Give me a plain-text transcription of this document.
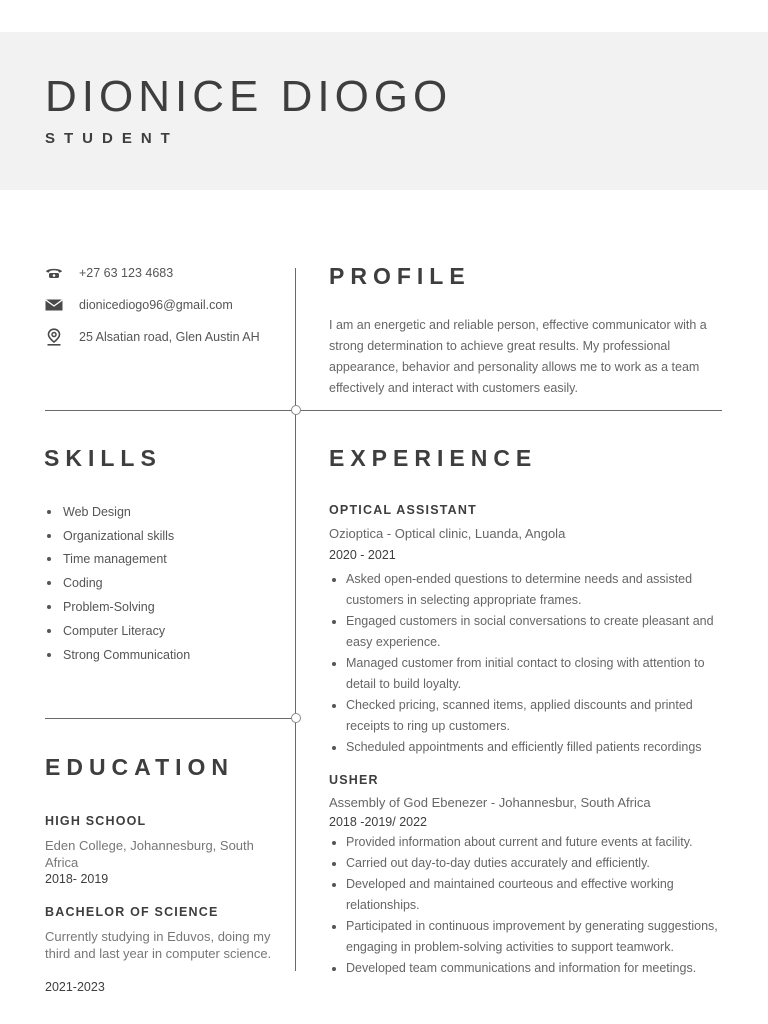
DIONICE DIOGO
STUDENT
+27 63 123 4683
dionicediogo96@gmail.com
25 Alsatian road, Glen Austin AH
PROFILE
I am an energetic and reliable person, effective communicator with a strong determination to achieve great results. My professional appearance, behavior and personality allows me to work as a team effectively and interact with customers easily.
SKILLS
Web Design
Organizational skills
Time management
Coding
Problem-Solving
Computer Literacy
Strong Communication
EXPERIENCE
OPTICAL ASSISTANT
Ozioptica - Optical clinic, Luanda, Angola
2020 - 2021
Asked open-ended questions to determine needs and assisted customers in selecting appropriate frames.
Engaged customers in social conversations to create pleasant and easy experience.
Managed customer from initial contact to closing with attention to detail to build loyalty.
Checked pricing, scanned items, applied discounts and printed receipts to ring up customers.
Scheduled appointments and efficiently filled patients recordings
USHER
Assembly of God Ebenezer - Johannesbur, South Africa
2018 -2019/ 2022
Provided information about current and future events at facility.
Carried out day-to-day duties accurately and efficiently.
Developed and maintained courteous and effective working relationships.
Participated in continuous improvement by generating suggestions, engaging in problem-solving activities to support teamwork.
Developed team communications and information for meetings.
EDUCATION
HIGH SCHOOL
Eden College, Johannesburg, South Africa
2018- 2019
BACHELOR OF SCIENCE
Currently studying in Eduvos, doing my third and last year in computer science.
2021-2023
